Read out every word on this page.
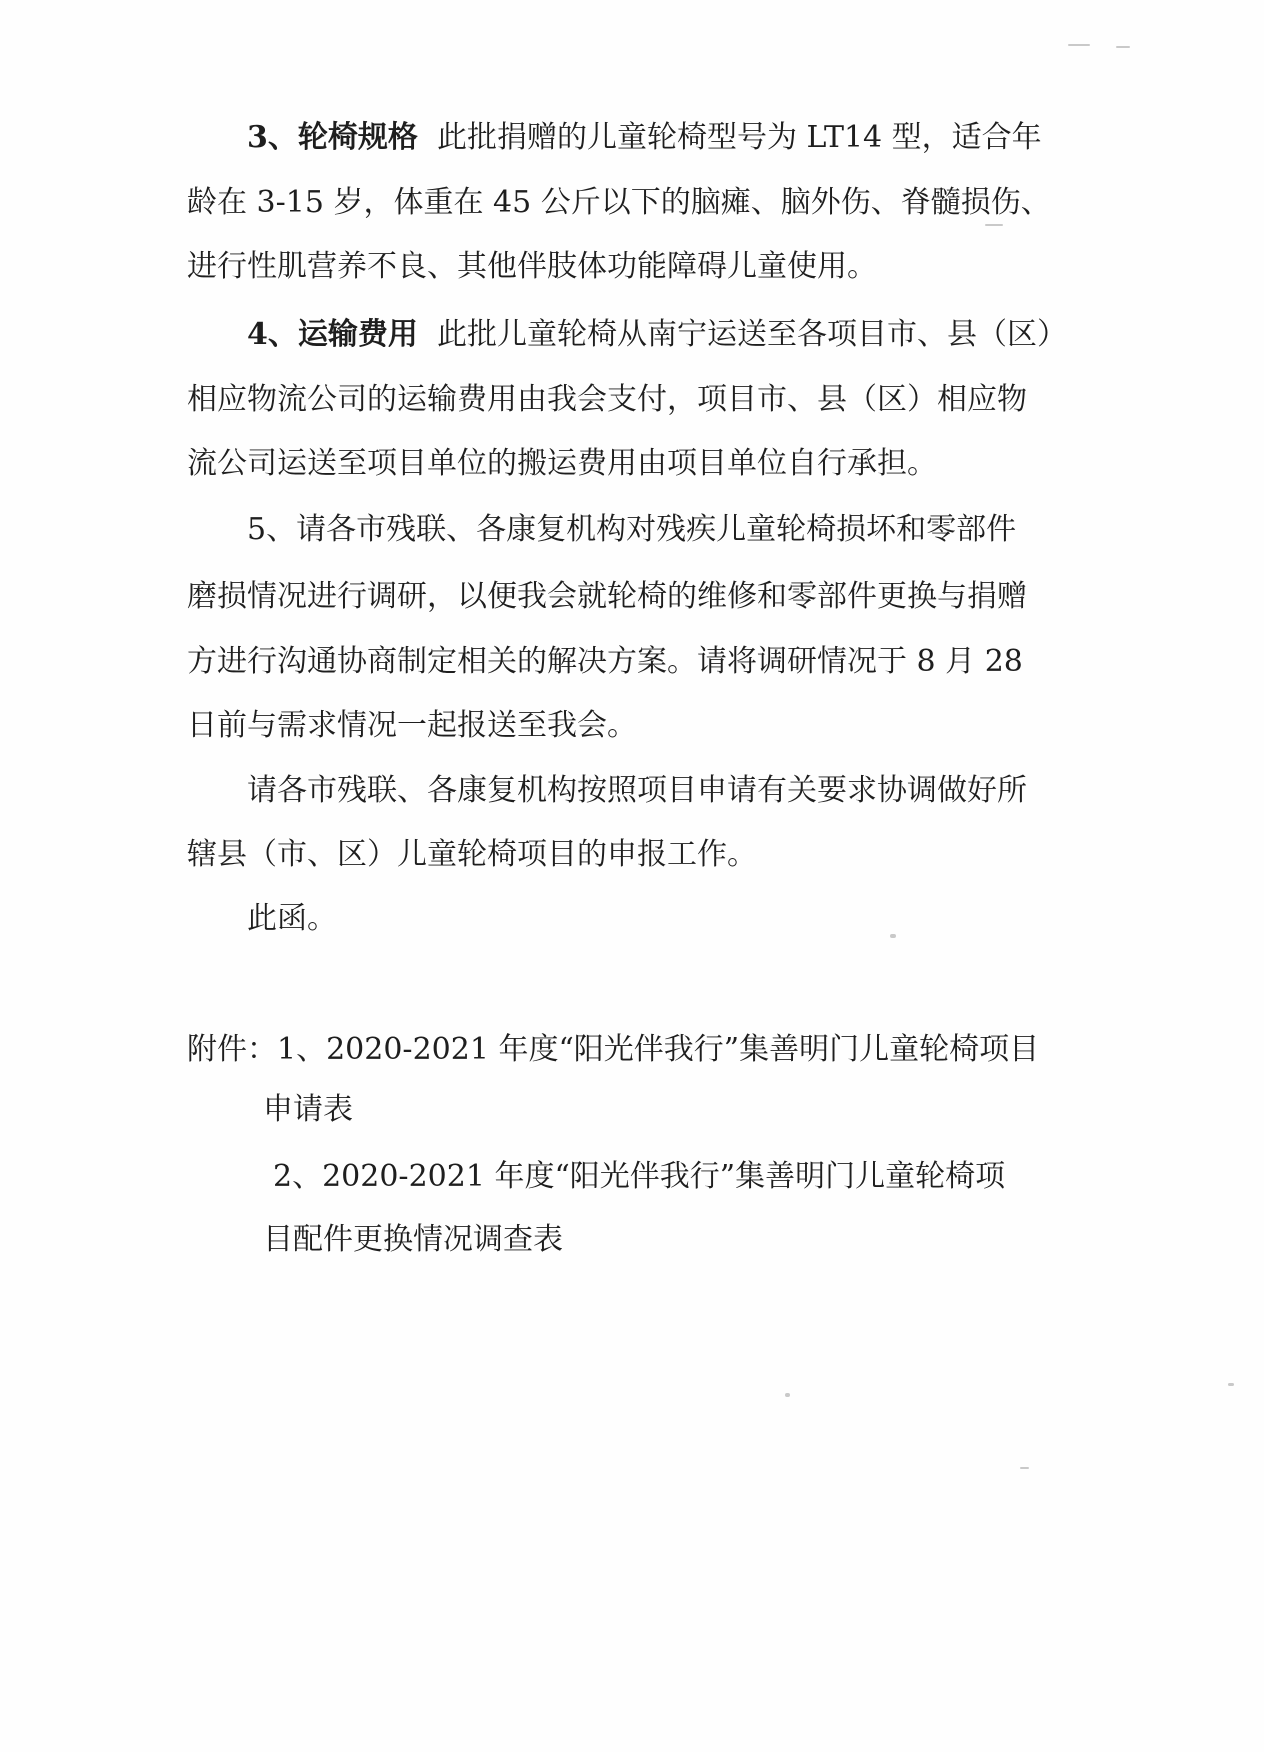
3、轮椅规格 此批捐赠的儿童轮椅型号为 LT14 型，适合年
龄在 3-15 岁，体重在 45 公斤以下的脑瘫、脑外伤、脊髓损伤、
进行性肌营养不良、其他伴肢体功能障碍儿童使用。
4、运输费用 此批儿童轮椅从南宁运送至各项目市、县（区）
相应物流公司的运输费用由我会支付，项目市、县（区）相应物
流公司运送至项目单位的搬运费用由项目单位自行承担。
5、请各市残联、各康复机构对残疾儿童轮椅损坏和零部件
磨损情况进行调研，以便我会就轮椅的维修和零部件更换与捐赠
方进行沟通协商制定相关的解决方案。请将调研情况于 8 月 28
日前与需求情况一起报送至我会。
请各市残联、各康复机构按照项目申请有关要求协调做好所
辖县（市、区）儿童轮椅项目的申报工作。
此函。
附件：1、2020-2021 年度“阳光伴我行”集善明门儿童轮椅项目
申请表
2、2020-2021 年度“阳光伴我行”集善明门儿童轮椅项
目配件更换情况调查表
